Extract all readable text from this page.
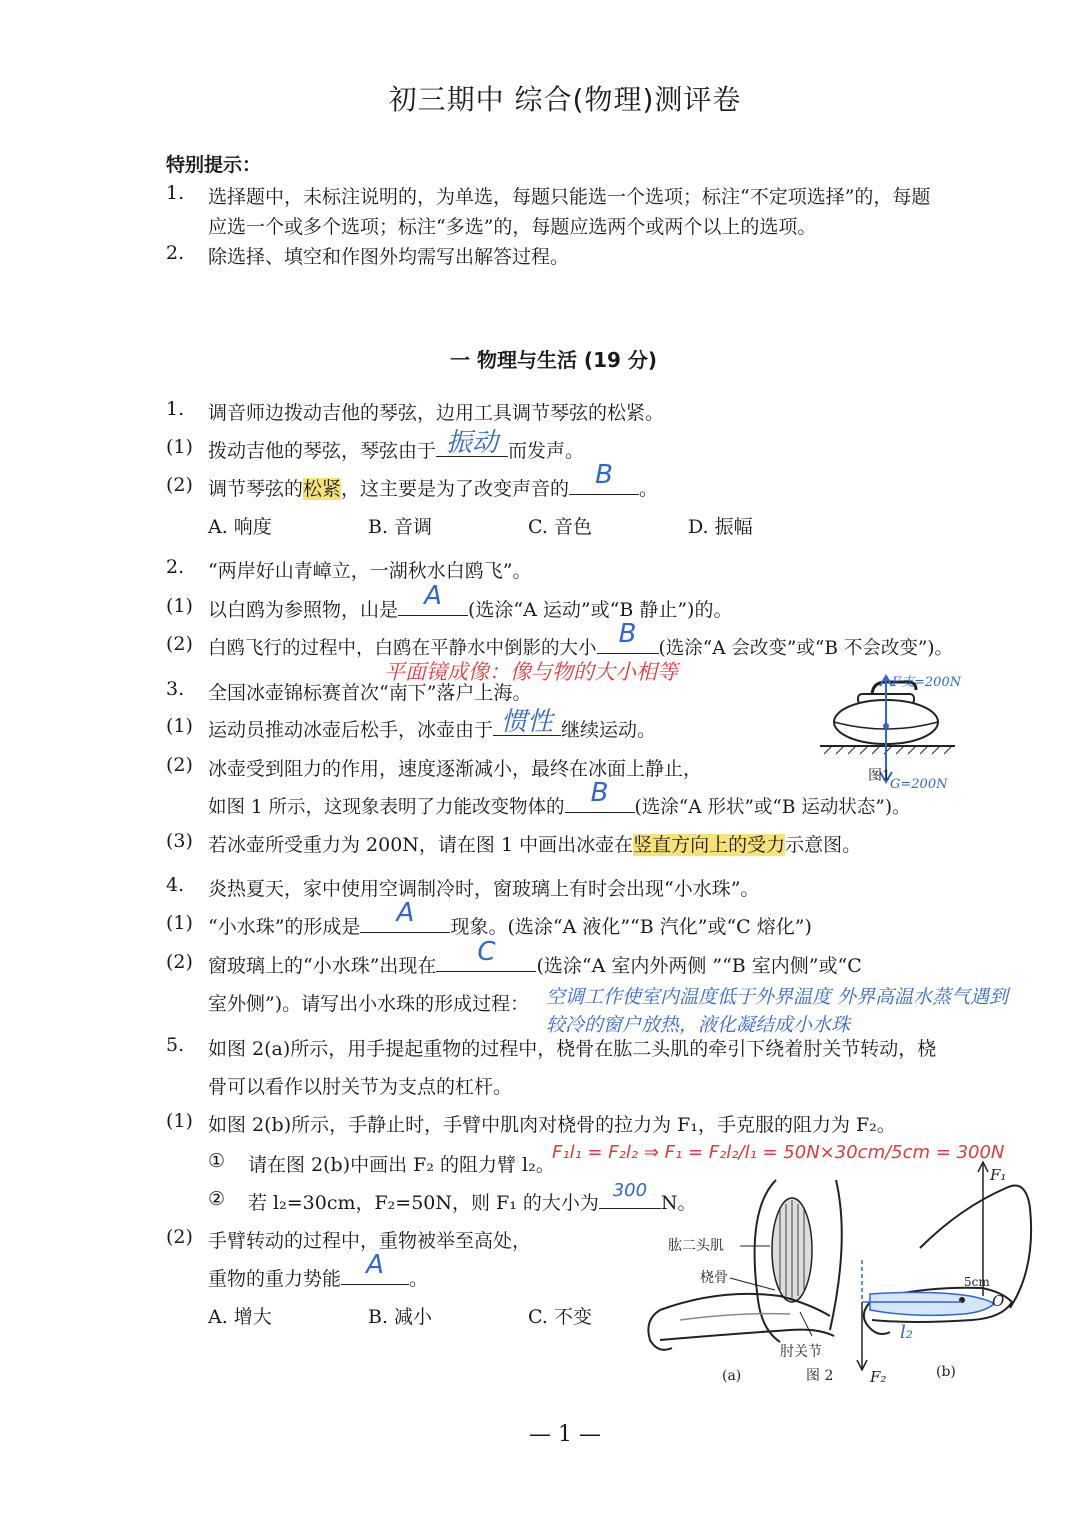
初三期中 综合(物理)测评卷
特别提示：
1. 选择题中，未标注说明的，为单选，每题只能选一个选项；标注“不定项选择”的，每题
应选一个或多个选项；标注“多选”的，每题应选两个或两个以上的选项。
2. 除选择、填空和作图外均需写出解答过程。
一 物理与生活 (19 分)
1. 调音师边拨动吉他的琴弦，边用工具调节琴弦的松紧。
(1) 拨动吉他的琴弦，琴弦由于 振动 而发声。
(2) 调节琴弦的松紧，这主要是为了改变声音的	B	。
A. 响度	B. 音调	C. 音色	D. 振幅
2. “两岸好山青嶂立，一湖秋水白鸥飞”。
(1) 以白鸥为参照物，山是	A	(选涂“A 运动”或“B 静止”)的。
(2) 白鸥飞行的过程中，白鸥在平静水中倒影的大小 B	(选涂“A 会改变”或“B 不会改变”)。
平面镜成像：像与物的大小相等
3. 全国冰壶锦标赛首次“南下”落户上海。
(1) 运动员推动冰壶后松手，冰壶由于 惯性 继续运动。
(2) 冰壶受到阻力的作用，速度逐渐减小，最终在冰面上静止，
如图 1 所示，这现象表明了力能改变物体的	B	(选涂“A 形状”或“B 运动状态”)。
(3) 若冰壶所受重力为 200N，请在图 1 中画出冰壶在竖直方向上的受力示意图。
图1
F支=200N
G=200N
4. 炎热夏天，家中使用空调制冷时，窗玻璃上有时会出现“小水珠”。
(1) “小水珠”的形成是	A	现象。(选涂“A 液化”“B 汽化”或“C 熔化”)
(2) 窗玻璃上的“小水珠”出现在	C	(选涂“A 室内外两侧 ”“B 室内侧”或“C
室外侧”)。请写出小水珠的形成过程： 空调工作使室内温度低于外界温度 外界高温水蒸气遇到
较冷的窗户放热，液化凝结成小水珠
5. 如图 2(a)所示，用手提起重物的过程中，桡骨在肱二头肌的牵引下绕着肘关节转动，桡
骨可以看作以肘关节为支点的杠杆。
(1) 如图 2(b)所示，手静止时，手臂中肌肉对桡骨的拉力为 F₁，手克服的阻力为 F₂。
① 请在图 2(b)中画出 F₂ 的阻力臂 l₂。
F₁l₁ = F₂l₂ ⇒ F₁ = F₂l₂/l₁ = 50N×30cm/5cm = 300N
② 若 l₂=30cm，F₂=50N，则 F₁ 的大小为
300
N。
(2) 手臂转动的过程中，重物被举至高处，
重物的重力势能 A	。
A. 增大	B. 减小	C. 不变
肱二头肌
桡骨
肘关节
(a)	图 2
F₁
F₂
O
5cm
l₂
(b)
— 1 —
